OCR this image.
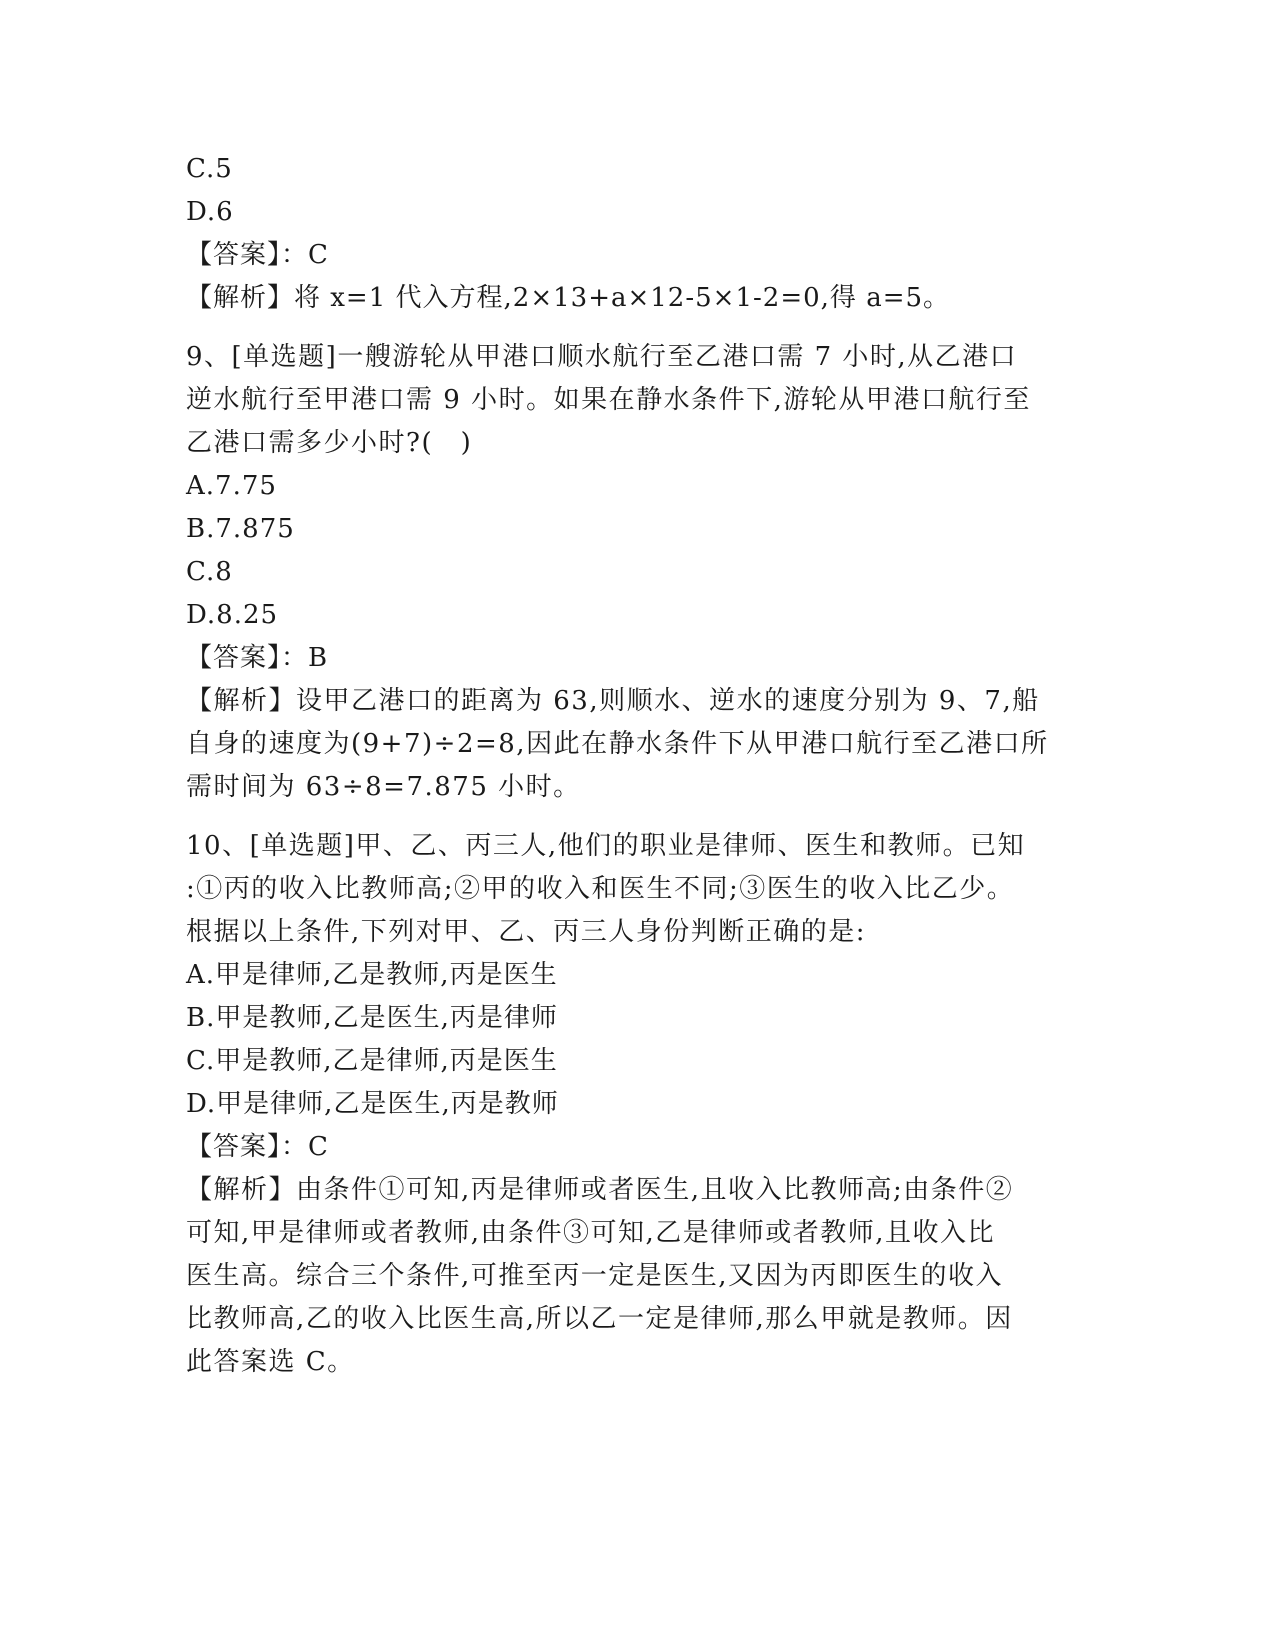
C.5
D.6
【答案】：C
【解析】将 x=1 代入方程,2×13+a×12-5×1-2=0,得 a=5。
9、[单选题]一艘游轮从甲港口顺水航行至乙港口需 7 小时,从乙港口
逆水航行至甲港口需 9 小时。如果在静水条件下,游轮从甲港口航行至
乙港口需多少小时?(　)
A.7.75
B.7.875
C.8
D.8.25
【答案】：B
【解析】设甲乙港口的距离为 63,则顺水、逆水的速度分别为 9、7,船
自身的速度为(9+7)÷2=8,因此在静水条件下从甲港口航行至乙港口所
需时间为 63÷8=7.875 小时。
10、[单选题]甲、乙、丙三人,他们的职业是律师、医生和教师。已知
:①丙的收入比教师高;②甲的收入和医生不同;③医生的收入比乙少。
根据以上条件,下列对甲、乙、丙三人身份判断正确的是:
A.甲是律师,乙是教师,丙是医生
B.甲是教师,乙是医生,丙是律师
C.甲是教师,乙是律师,丙是医生
D.甲是律师,乙是医生,丙是教师
【答案】：C
【解析】由条件①可知,丙是律师或者医生,且收入比教师高;由条件②
可知,甲是律师或者教师,由条件③可知,乙是律师或者教师,且收入比
医生高。综合三个条件,可推至丙一定是医生,又因为丙即医生的收入
比教师高,乙的收入比医生高,所以乙一定是律师,那么甲就是教师。因
此答案选 C。
